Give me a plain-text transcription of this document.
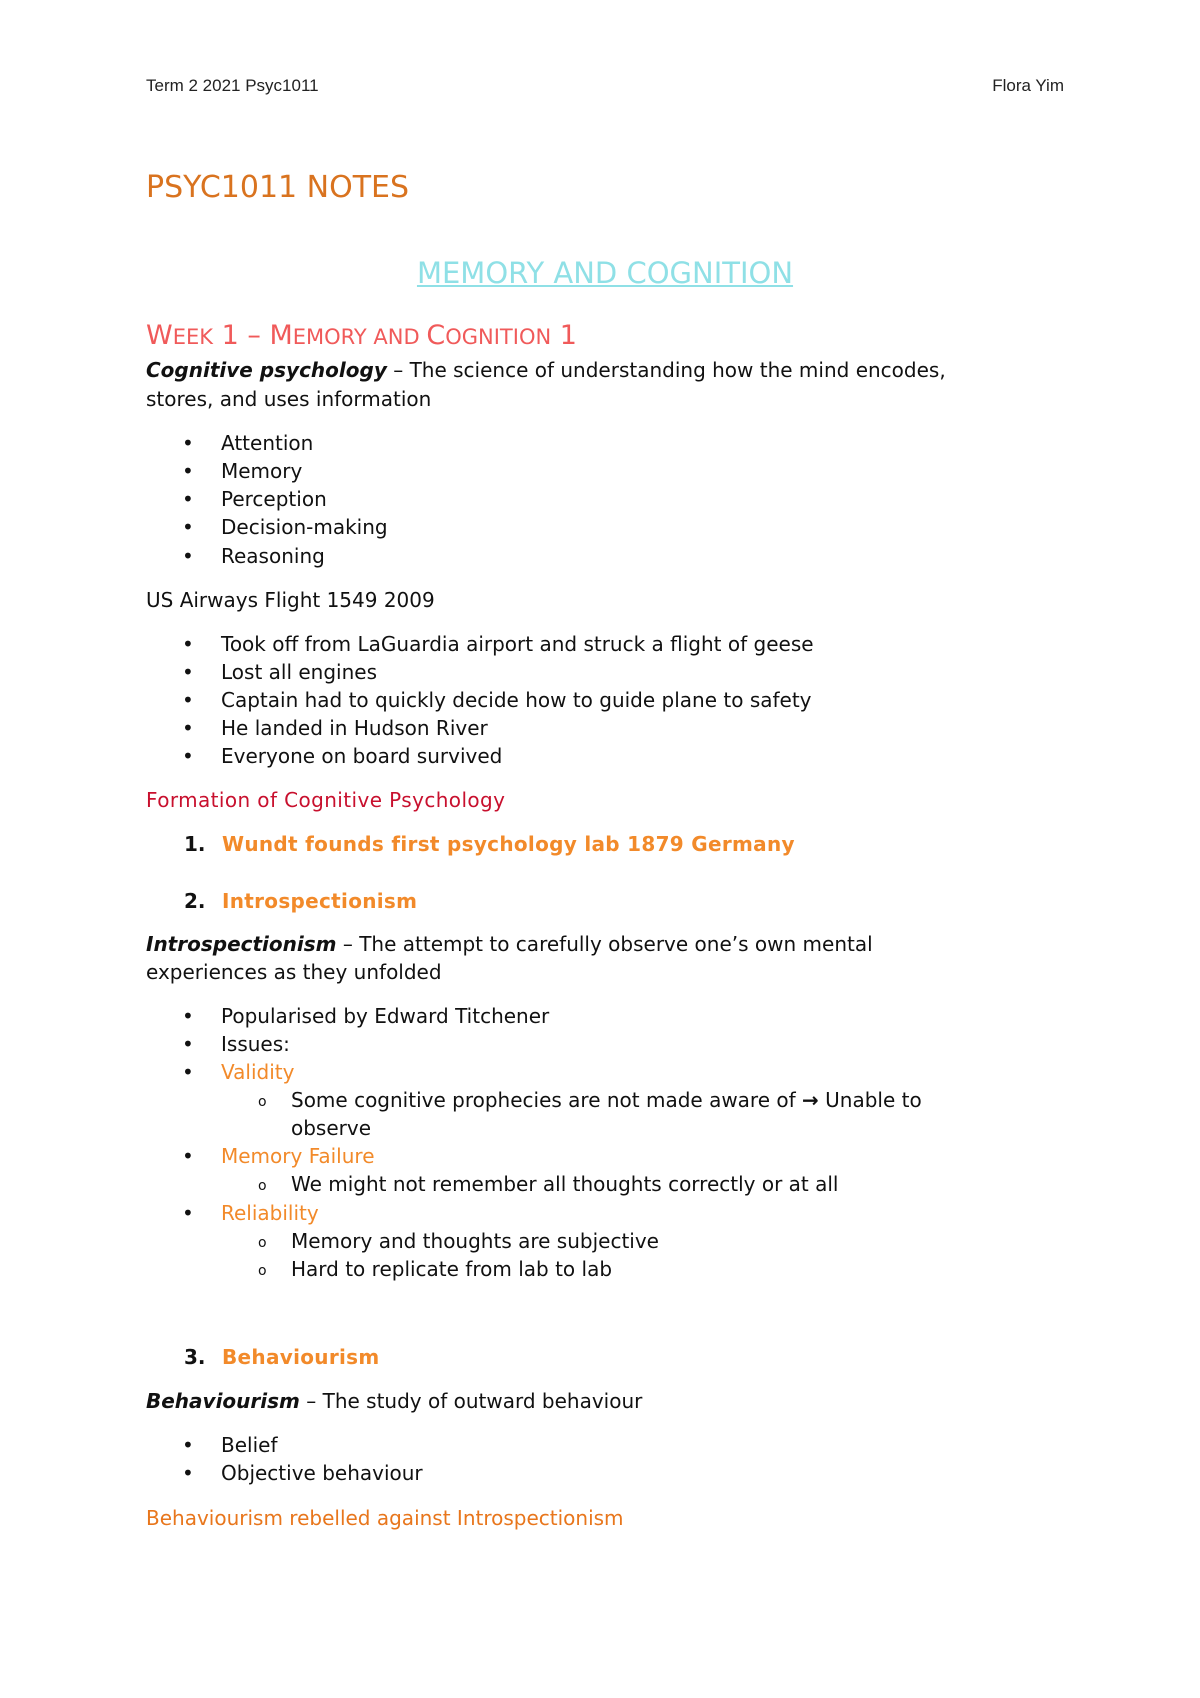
Term 2 2021 Psyc1011	Flora Yim

PSYC1011 NOTES
MEMORY AND COGNITION
WEEK 1 – MEMORY AND COGNITION 1

Cognitive psychology – The science of understanding how the mind encodes,

stores, and uses information

• Attention
• Memory
• Perception
• Decision-making
• Reasoning

US Airways Flight 1549 2009

• Took off from LaGuardia airport and struck a flight of geese
• Lost all engines
• Captain had to quickly decide how to guide plane to safety
• He landed in Hudson River
• Everyone on board survived

Formation of Cognitive Psychology

1. Wundt founds first psychology lab 1879 Germany
2. Introspectionism

Introspectionism – The attempt to carefully observe one’s own mental

experiences as they unfolded

• Popularised by Edward Titchener
• Issues:
• Validity
o Some cognitive prophecies are not made aware of → Unable to

observe

• Memory Failure
o We might not remember all thoughts correctly or at all
• Reliability
o Memory and thoughts are subjective
o Hard to replicate from lab to lab
3. Behaviourism

Behaviourism – The study of outward behaviour

• Belief
• Objective behaviour

Behaviourism rebelled against Introspectionism
